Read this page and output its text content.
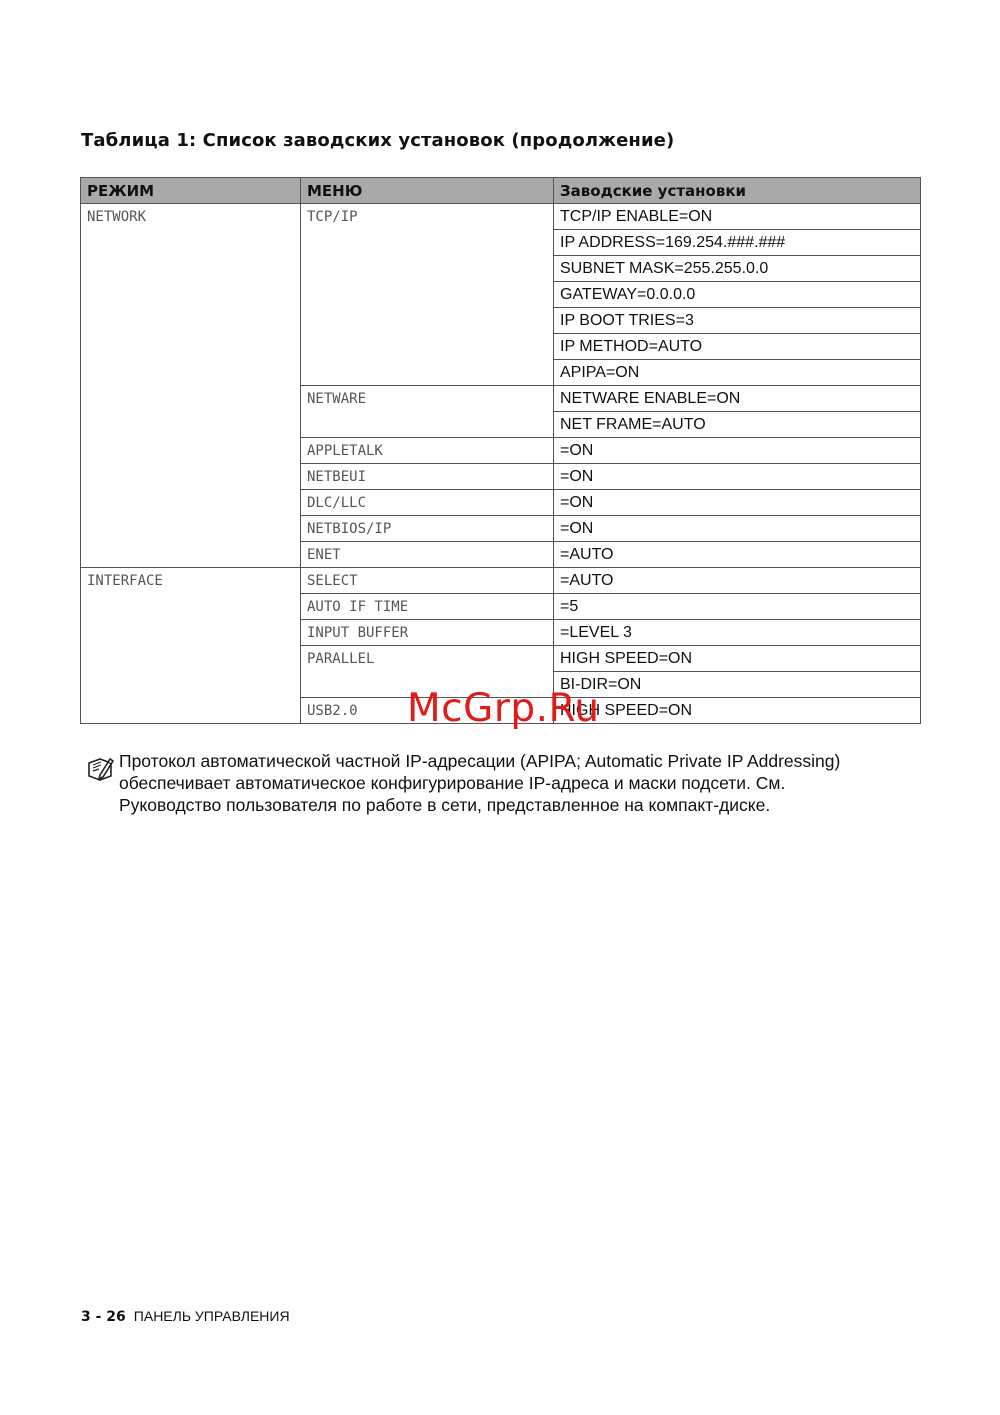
Таблица 1: Список заводских установок (продолжение)
РЕЖИМ	МЕНЮ	Заводские установки
NETWORK	TCP/IP	TCP/IP ENABLE=ON
		IP ADDRESS=169.254.###.###
		SUBNET MASK=255.255.0.0
		GATEWAY=0.0.0.0
		IP BOOT TRIES=3
		IP METHOD=AUTO
		APIPA=ON
	NETWARE	NETWARE ENABLE=ON
		NET FRAME=AUTO
	APPLETALK	=ON
	NETBEUI	=ON
	DLC/LLC	=ON
	NETBIOS/IP	=ON
	ENET	=AUTO
INTERFACE	SELECT	=AUTO
	AUTO IF TIME	=5
	INPUT BUFFER	=LEVEL 3
	PARALLEL	HIGH SPEED=ON
		BI-DIR=ON
	USB2.0	HIGH SPEED=ON
McGrp.Ru
Протокол автоматической частной IP-адресации (APIPA; Automatic Private IP Addressing)
обеспечивает автоматическое конфигурирование IP-адреса и маски подсети. См.
Руководство пользователя по работе в сети, представленное на компакт-диске.
3 - 26 ПАНЕЛЬ УПРАВЛЕНИЯ
